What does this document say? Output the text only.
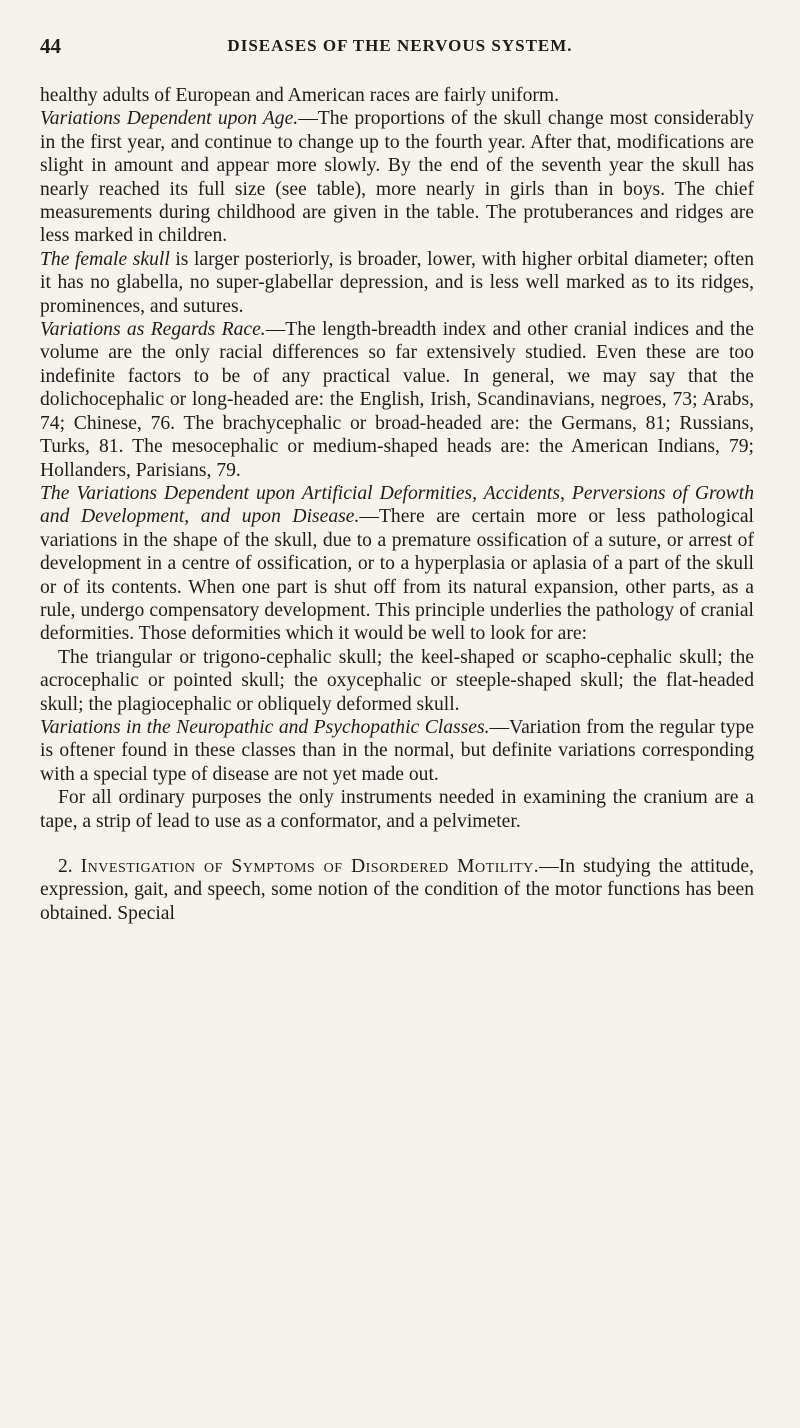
44	DISEASES OF THE NERVOUS SYSTEM.

healthy adults of European and American races are fairly uniform.

Variations Dependent upon Age.—The proportions of the skull change most considerably in the first year, and continue to change up to the fourth year. After that, modifications are slight in amount and appear more slowly. By the end of the seventh year the skull has nearly reached its full size (see table), more nearly in girls than in boys. The chief measurements during childhood are given in the table. The protuberances and ridges are less marked in children.

The female skull is larger posteriorly, is broader, lower, with higher orbital diameter; often it has no glabella, no super-glabellar depression, and is less well marked as to its ridges, prominences, and sutures.

Variations as Regards Race.—The length-breadth index and other cranial indices and the volume are the only racial differences so far extensively studied. Even these are too indefinite factors to be of any practical value. In general, we may say that the dolichocephalic or long-headed are: the English, Irish, Scandinavians, negroes, 73; Arabs, 74; Chinese, 76. The brachycephalic or broad-headed are: the Germans, 81; Russians, Turks, 81. The mesocephalic or medium-shaped heads are: the American Indians, 79; Hollanders, Parisians, 79.

The Variations Dependent upon Artificial Deformities, Accidents, Perversions of Growth and Development, and upon Disease.—There are certain more or less pathological variations in the shape of the skull, due to a premature ossification of a suture, or arrest of development in a centre of ossification, or to a hyperplasia or aplasia of a part of the skull or of its contents. When one part is shut off from its natural expansion, other parts, as a rule, undergo compensatory development. This principle underlies the pathology of cranial deformities. Those deformities which it would be well to look for are:

The triangular or trigono-cephalic skull; the keel-shaped or scapho-cephalic skull; the acrocephalic or pointed skull; the oxycephalic or steeple-shaped skull; the flat-headed skull; the plagiocephalic or obliquely deformed skull.

Variations in the Neuropathic and Psychopathic Classes.—Variation from the regular type is oftener found in these classes than in the normal, but definite variations corresponding with a special type of disease are not yet made out.

For all ordinary purposes the only instruments needed in examining the cranium are a tape, a strip of lead to use as a conformator, and a pelvimeter.

2. Investigation of Symptoms of Disordered Motility.—In studying the attitude, expression, gait, and speech, some notion of the condition of the motor functions has been obtained. Special
